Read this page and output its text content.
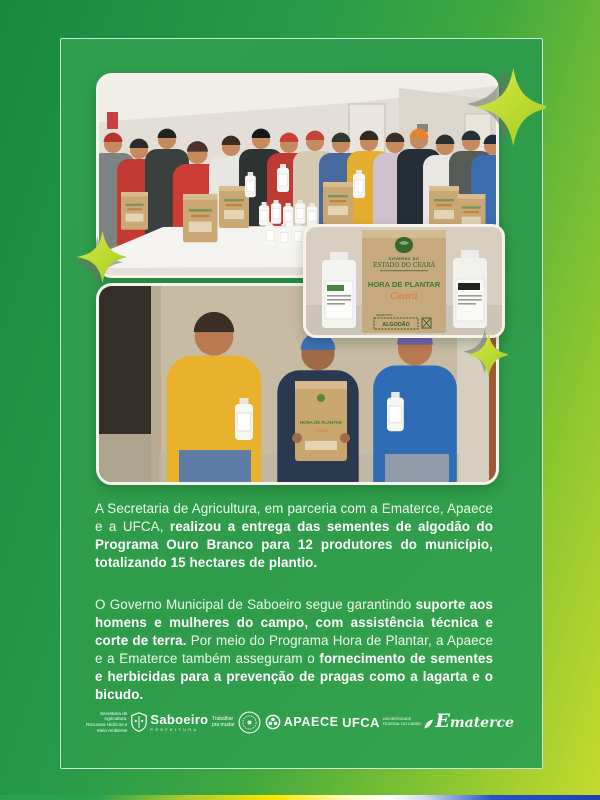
HORA DE PLANTAR
Ceará
GOVERNO DO
ESTADO DO CEARÁ
HORA DE PLANTAR
Ceará
SEMENTES
ALGODÃO

A Secretaria de Agricultura, em parceria com a Ematerce, Apaece e a UFCA, realizou a entrega das sementes de algodão do Programa Ouro Branco para 12 produtores do município, totalizando 15 hectares de plantio.

O Governo Municipal de Saboeiro segue garantindo suporte aos homens e mulheres do campo, com assistência técnica e corte de terra. Por meio do Programa Hora de Plantar, a Apaece e a Ematerce também asseguram o fornecimento de sementes e herbicidas para a prevenção de pragas como a lagarta e o bicudo.

Secretaria de
Agricultura,
Recursos Hídricos e
Meio Ambiente
Saboeiro
PREFEITURA
Trabalhar
pra mudar	APAECE UFCA UNIVERSIDADE
FEDERAL DO CARIRI Ematerce
